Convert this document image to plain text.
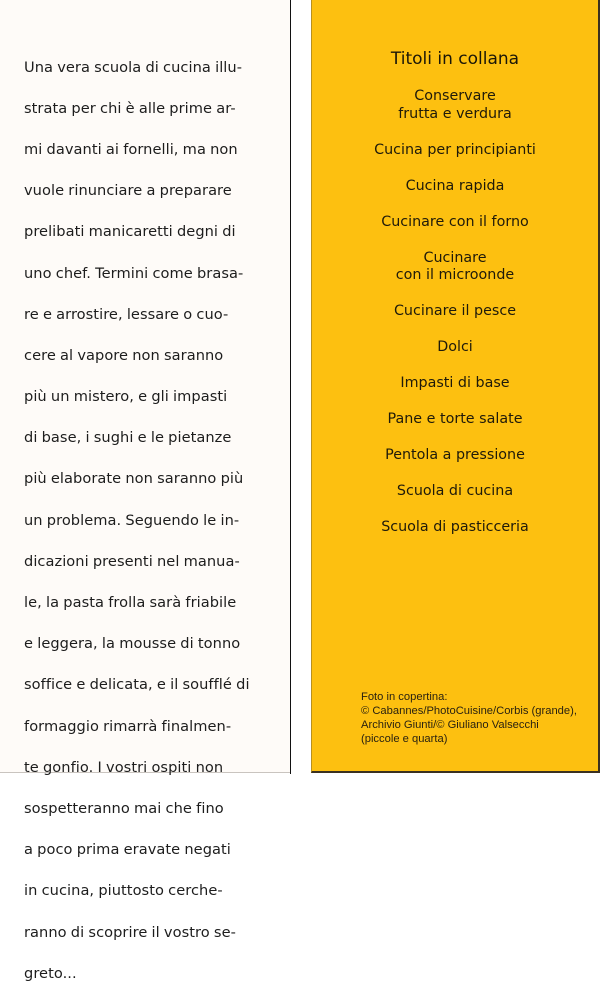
Una vera scuola di cucina illu-

strata per chi è alle prime ar-

mi davanti ai fornelli, ma non

vuole rinunciare a preparare

prelibati manicaretti degni di

uno chef. Termini come brasa-

re e arrostire, lessare o cuo-

cere al vapore non saranno

più un mistero, e gli impasti

di base, i sughi e le pietanze

più elaborate non saranno più

un problema. Seguendo le in-

dicazioni presenti nel manua-

le, la pasta frolla sarà friabile

e leggera, la mousse di tonno

soffice e delicata, e il soufflé di

formaggio rimarrà finalmen-

te gonfio. I vostri ospiti non

sospetteranno mai che fino

a poco prima eravate negati

in cucina, piuttosto cerche-

ranno di scoprire il vostro se-

greto...

Titoli in collana
Conservare
frutta e verdura
Cucina per principianti
Cucina rapida
Cucinare con il forno
Cucinare
con il microonde
Cucinare il pesce
Dolci
Impasti di base
Pane e torte salate
Pentola a pressione
Scuola di cucina
Scuola di pasticceria
Foto in copertina:
© Cabannes/PhotoCuisine/Corbis (grande),
Archivio Giunti/© Giuliano Valsecchi
(piccole e quarta)
